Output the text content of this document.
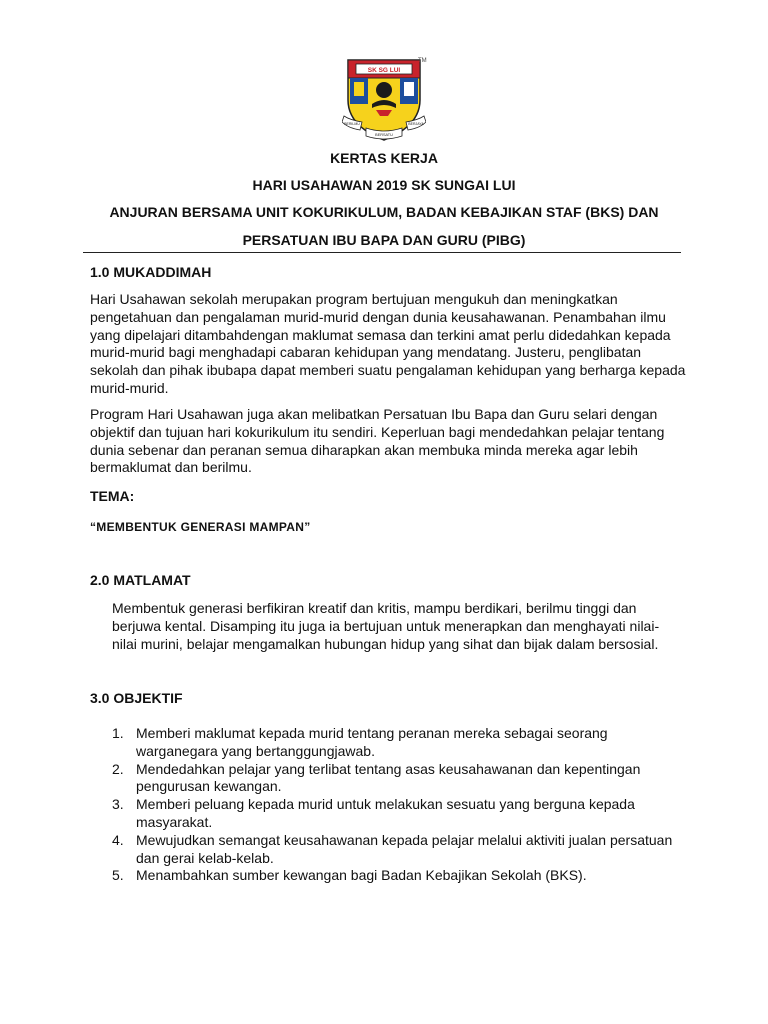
SK SG LUI
BERILMU
BERSATU
BERJAYA
TM
KERTAS KERJA
HARI USAHAWAN 2019 SK SUNGAI LUI
ANJURAN BERSAMA UNIT KOKURIKULUM, BADAN KEBAJIKAN STAF (BKS) DAN
PERSATUAN IBU BAPA DAN GURU (PIBG)
1.0 MUKADDIMAH

Hari Usahawan sekolah merupakan program bertujuan mengukuh dan meningkatkan pengetahuan dan pengalaman murid-murid dengan dunia keusahawanan. Penambahan ilmu yang dipelajari ditambahdengan maklumat semasa dan terkini amat perlu didedahkan kepada murid-murid bagi menghadapi cabaran kehidupan yang mendatang. Justeru, penglibatan sekolah dan pihak ibubapa dapat memberi suatu pengalaman kehidupan yang berharga kepada murid-murid.

Program Hari Usahawan juga akan melibatkan Persatuan Ibu Bapa dan Guru selari dengan objektif dan tujuan hari kokurikulum itu sendiri. Keperluan bagi mendedahkan pelajar tentang dunia sebenar dan peranan semua diharapkan akan membuka minda mereka agar lebih bermaklumat dan berilmu.

TEMA:
“MEMBENTUK GENERASI MAMPAN”
2.0 MATLAMAT

Membentuk generasi berfikiran kreatif dan kritis, mampu berdikari, berilmu tinggi dan berjuwa kental. Disamping itu juga ia bertujuan untuk menerapkan dan menghayati nilai-nilai murini, belajar mengamalkan hubungan hidup yang sihat dan bijak dalam bersosial.

3.0 OBJEKTIF
1. Memberi maklumat kepada murid tentang peranan mereka sebagai seorang warganegara yang bertanggungjawab.
2. Mendedahkan pelajar yang terlibat tentang asas keusahawanan dan kepentingan pengurusan kewangan.
3. Memberi peluang kepada murid untuk melakukan sesuatu yang berguna kepada masyarakat.
4. Mewujudkan semangat keusahawanan kepada pelajar melalui aktiviti jualan persatuan dan gerai kelab-kelab.
5. Menambahkan sumber kewangan bagi Badan Kebajikan Sekolah (BKS).
